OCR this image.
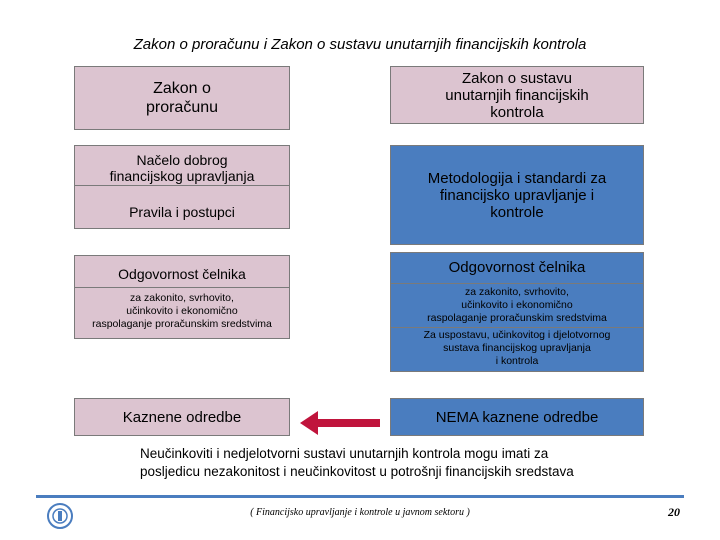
Zakon o proračunu i Zakon o sustavu unutarnjih financijskih kontrola
Zakon o
proračunu
Načelo dobrog
financijskog upravljanja
Pravila i postupci
Odgovornost čelnika
za zakonito, svrhovito,
učinkovito i ekonomično
raspolaganje proračunskim sredstvima
Kaznene odredbe
Zakon o sustavu
unutarnjih financijskih
kontrola
Metodologija i standardi za
financijsko upravljanje i
kontrole
Odgovornost čelnika
za zakonito, svrhovito,
učinkovito i ekonomično
raspolaganje proračunskim sredstvima
Za uspostavu, učinkovitog i djelotvornog
sustava financijskog upravljanja
i kontrola
NEMA kaznene odredbe
Neučinkoviti i nedjelotvorni sustavi unutarnjih kontrola mogu imati za posljedicu nezakonitost i neučinkovitost u potrošnji financijskih sredstava
( Financijsko upravljanje i kontrole u javnom sektoru )	20
